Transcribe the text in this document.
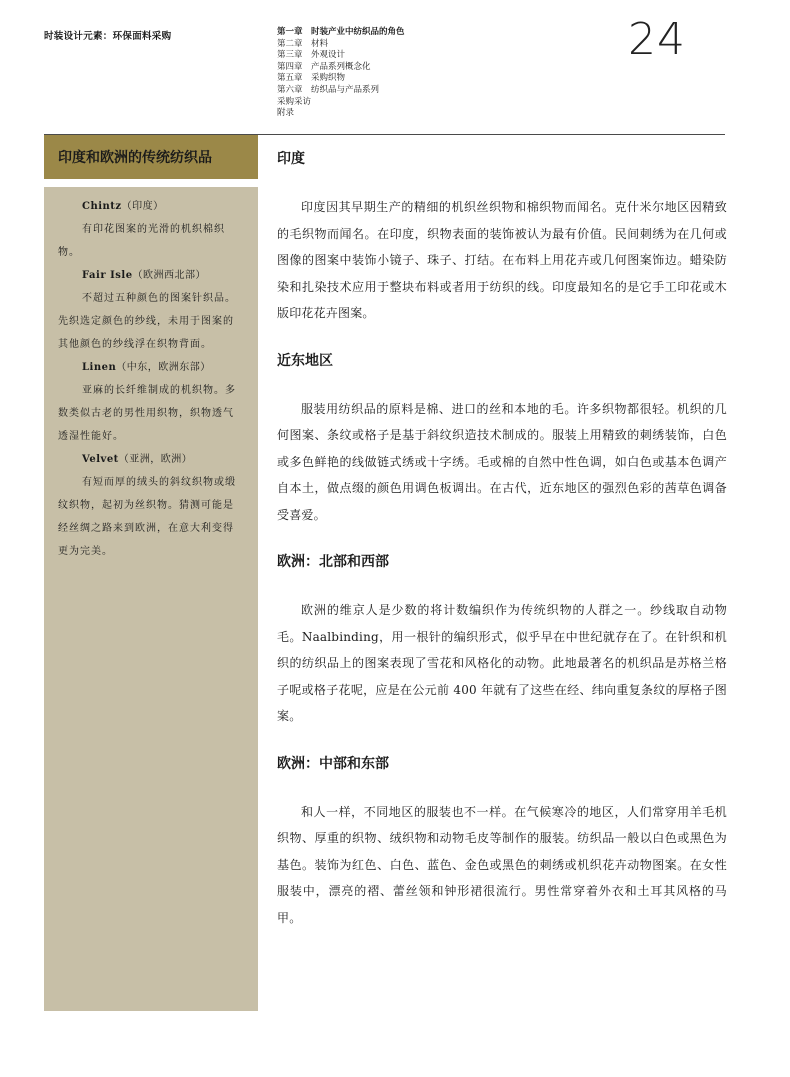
时装设计元素：环保面料采购	第一章　时装产业中纺织品的角色
第二章　材料
第三章　外观设计
第四章　产品系列概念化
第五章　采购织物
第六章　纺织品与产品系列
采购采访
附录
24
印度和欧洲的传统纺织品

Chintz（印度）

有印花图案的光滑的机织棉织物。

Fair Isle（欧洲西北部）

不超过五种颜色的图案针织品。先织选定颜色的纱线，未用于图案的其他颜色的纱线浮在织物背面。

Linen（中东，欧洲东部）

亚麻的长纤维制成的机织物。多数类似古老的男性用织物，织物透气透湿性能好。

Velvet（亚洲，欧洲）

有短而厚的绒头的斜纹织物或缎纹织物，起初为丝织物。猜测可能是经丝绸之路来到欧洲，在意大利变得更为完美。

印度

印度因其早期生产的精细的机织丝织物和棉织物而闻名。克什米尔地区因精致的毛织物而闻名。在印度，织物表面的装饰被认为最有价值。民间刺绣为在几何或图像的图案中装饰小镜子、珠子、打结。在布料上用花卉或几何图案饰边。蜡染防染和扎染技术应用于整块布料或者用于纺织的线。印度最知名的是它手工印花或木版印花花卉图案。

近东地区

服装用纺织品的原料是棉、进口的丝和本地的毛。许多织物都很轻。机织的几何图案、条纹或格子是基于斜纹织造技术制成的。服装上用精致的刺绣装饰，白色或多色鲜艳的线做链式绣或十字绣。毛或棉的自然中性色调，如白色或基本色调产自本土，做点缀的颜色用调色板调出。在古代，近东地区的强烈色彩的茜草色调备受喜爱。

欧洲：北部和西部

欧洲的维京人是少数的将计数编织作为传统织物的人群之一。纱线取自动物毛。Naalbinding，用一根针的编织形式，似乎早在中世纪就存在了。在针织和机织的纺织品上的图案表现了雪花和风格化的动物。此地最著名的机织品是苏格兰格子呢或格子花呢，应是在公元前 400 年就有了这些在经、纬向重复条纹的厚格子图案。

欧洲：中部和东部

和人一样，不同地区的服装也不一样。在气候寒冷的地区，人们常穿用羊毛机织物、厚重的织物、绒织物和动物毛皮等制作的服装。纺织品一般以白色或黑色为基色。装饰为红色、白色、蓝色、金色或黑色的刺绣或机织花卉动物图案。在女性服装中，漂亮的褶、蕾丝领和钟形裙很流行。男性常穿着外衣和土耳其风格的马甲。
